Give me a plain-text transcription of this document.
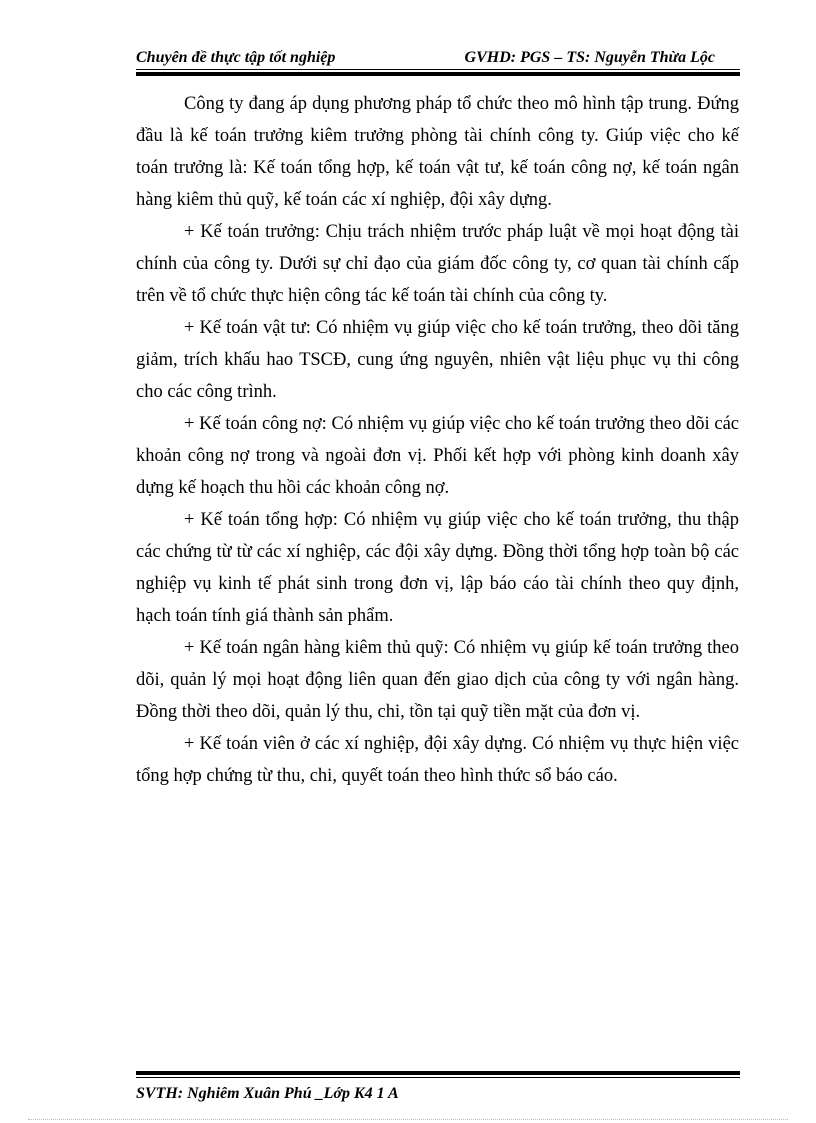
Chuyên đề thực tập tốt nghiệp	GVHD: PGS – TS: Nguyễn Thừa Lộc

Công ty đang áp dụng phương pháp tổ chức theo mô hình tập trung. Đứng đầu là kế toán trưởng kiêm trưởng phòng tài chính công ty. Giúp việc cho kế toán trưởng là: Kế toán tổng hợp, kế toán vật tư, kế toán công nợ, kế toán ngân hàng kiêm thủ quỹ, kế toán các xí nghiệp, đội xây dựng.

+ Kế toán trưởng: Chịu trách nhiệm trước pháp luật về mọi hoạt động tài chính của công ty. Dưới sự chỉ đạo của giám đốc công ty, cơ quan tài chính cấp trên về tổ chức thực hiện công tác kế toán tài chính của công ty.

+ Kế toán vật tư: Có nhiệm vụ giúp việc cho kế toán trưởng, theo dõi tăng giảm, trích khấu hao TSCĐ, cung ứng nguyên, nhiên vật liệu phục vụ thi công cho các công trình.

+ Kế toán công nợ: Có nhiệm vụ giúp việc cho kế toán trưởng theo dõi các khoản công nợ trong và ngoài đơn vị. Phối kết hợp với phòng kinh doanh xây dựng kế hoạch thu hồi các khoản công nợ.

+ Kế toán tổng hợp: Có nhiệm vụ giúp việc cho kế toán trưởng, thu thập các chứng từ từ các xí nghiệp, các đội xây dựng. Đồng thời tổng hợp toàn bộ các nghiệp vụ kinh tế phát sinh trong đơn vị, lập báo cáo tài chính theo quy định, hạch toán tính giá thành sản phẩm.

+ Kế toán ngân hàng kiêm thủ quỹ: Có nhiệm vụ giúp kế toán trưởng theo dõi, quản lý mọi hoạt động liên quan đến giao dịch của công ty với ngân hàng. Đồng thời theo dõi, quản lý thu, chi, tồn tại quỹ tiền mặt của đơn vị.

+ Kế toán viên ở các xí nghiệp, đội xây dựng. Có nhiệm vụ thực hiện việc tổng hợp chứng từ thu, chi, quyết toán theo hình thức sổ báo cáo.

SVTH: Nghiêm Xuân Phú _Lớp K4 1 A
